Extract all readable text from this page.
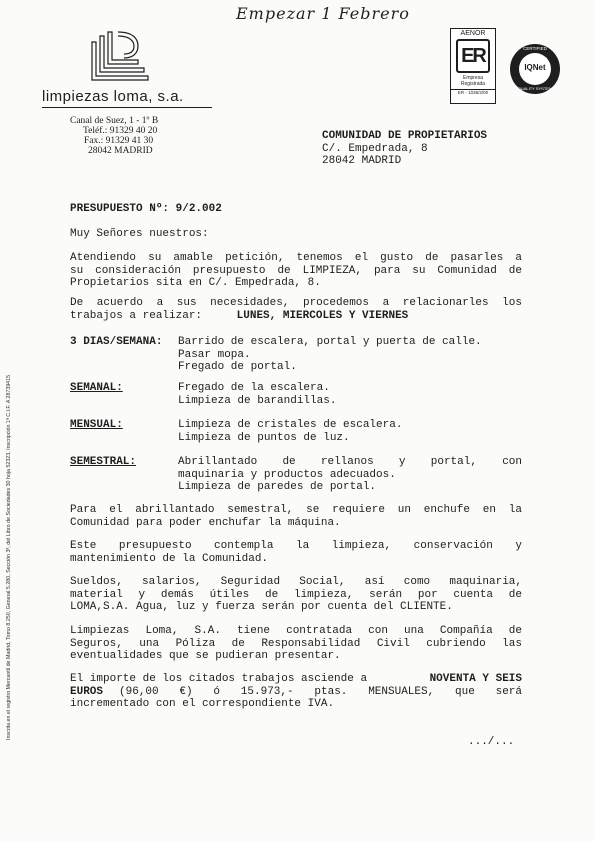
Empezar 1 Febrero
limpiezas loma, s.a.
Canal de Suez, 1 - 1º B
Teléf.: 91329 40 20
Fax.: 91329 41 30
28042 MADRID
AENOR
ER
Empresa
Registrada
ER - 1036/2/00
IQNet
CERTIFIED
QUALITY SYSTEM
COMUNIDAD DE PROPIETARIOS
C/. Empedrada, 8
28042 MADRID
PRESUPUESTO Nº: 9/2.002
Muy Señores nuestros:
Atendiendo su amable petición, tenemos el gusto de pasarles a
su consideración presupuesto de LIMPIEZA, para su Comunidad de
Propietarios sita en C/. Empedrada, 8.
De acuerdo a sus necesidades, procedemos a relacionarles los
trabajos a realizar:	LUNES, MIERCOLES Y VIERNES
3 DIAS/SEMANA: Barrido de escalera, portal y puerta de calle.
Pasar mopa.
Fregado de portal.
SEMANAL:	Fregado de la escalera.
Limpieza de barandillas.
MENSUAL:	Limpieza de cristales de escalera.
Limpieza de puntos de luz.
SEMESTRAL:	Abrillantado de rellanos y portal, con
maquinaria y productos adecuados.
Limpieza de paredes de portal.
Para el abrillantado semestral, se requiere un enchufe en la
Comunidad para poder enchufar la máquina.
Este presupuesto contempla la limpieza, conservación y
mantenimiento de la Comunidad.
Sueldos, salarios, Seguridad Social, así como maquinaria,
material y demás útiles de limpieza, serán por cuenta de
LOMA,S.A. Agua, luz y fuerza serán por cuenta del CLIENTE.
Limpiezas Loma, S.A. tiene contratada con una Compañía de
Seguros, una Póliza de Responsabilidad Civil cubriendo las
eventualidades que se pudieran presentar.
El importe de los citados trabajos asciende a	NOVENTA Y SEIS
EUROS (96,00 €) ó 15.973,- ptas. MENSUALES, que será
incrementado con el correspondiente IVA.
.../...
Inscrita en el registro Mercantil de Madrid, Tomo 8.250, General 5.280, Sección 3ª, del Libro de Sociedades 30 hoja 52323, Inscripción 1ª C.I.F. A 28739415
